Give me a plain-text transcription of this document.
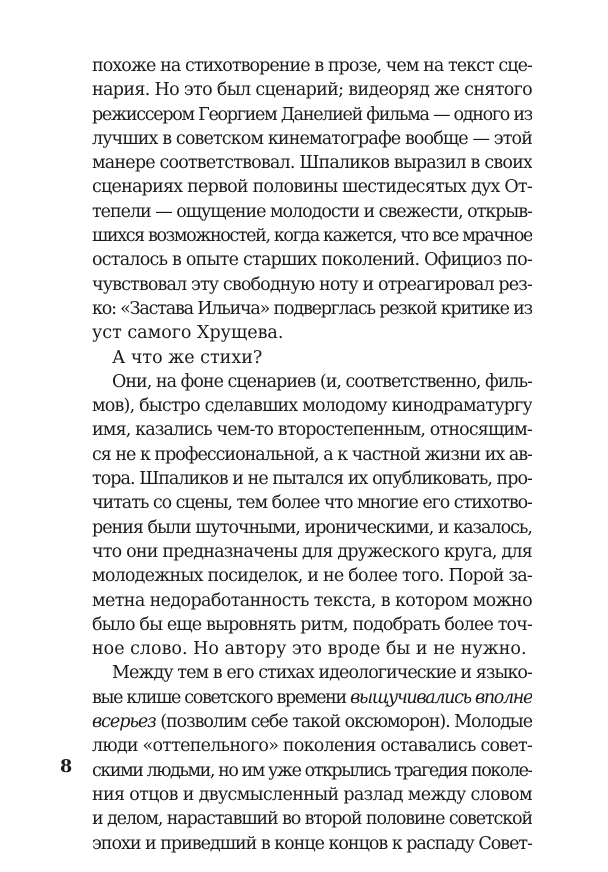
похоже на стихотворение в прозе, чем на текст сце-
нария. Но это был сценарий; видеоряд же снятого
режиссером Георгием Данелией фильма — одного из
лучших в советском кинематографе вообще — этой
манере соответствовал. Шпаликов выразил в своих
сценариях первой половины шестидесятых дух От-
тепели — ощущение молодости и свежести, открыв-
шихся возможностей, когда кажется, что все мрачное
осталось в опыте старших поколений. Официоз по-
чувствовал эту свободную ноту и отреагировал рез-
ко: «Застава Ильича» подверглась резкой критике из
уст самого Хрущева.
А что же стихи?
Они, на фоне сценариев (и, соответственно, филь-
мов), быстро сделавших молодому кинодраматургу
имя, казались чем-то второстепенным, относящим-
ся не к профессиональной, а к частной жизни их ав-
тора. Шпаликов и не пытался их опубликовать, про-
читать со сцены, тем более что многие его стихотво-
рения были шуточными, ироническими, и казалось,
что они предназначены для дружеского круга, для
молодежных посиделок, и не более того. Порой за-
метна недоработанность текста, в котором можно
было бы еще выровнять ритм, подобрать более точ-
ное слово. Но автору это вроде бы и не нужно.
Между тем в его стихах идеологические и языко-
вые клише советского времени выщучивались вполне
всерьез (позволим себе такой оксюморон). Молодые
люди «оттепельного» поколения оставались совет-
скими людьми, но им уже открылись трагедия поколе-
ния отцов и двусмысленный разлад между словом
и делом, нараставший во второй половине советской
эпохи и приведший в конце концов к распаду Совет-
8
